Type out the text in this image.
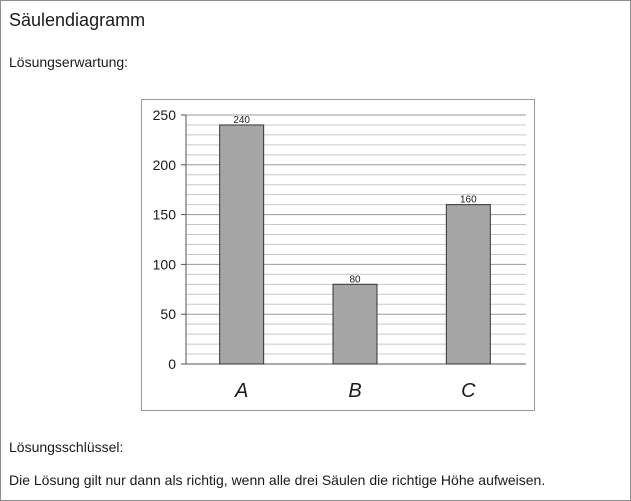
Säulendiagramm
Lösungserwartung:
0
50
100
150
200
250	240
A
80
B
160
C
Lösungsschlüssel:
Die Lösung gilt nur dann als richtig, wenn alle drei Säulen die richtige Höhe aufweisen.
